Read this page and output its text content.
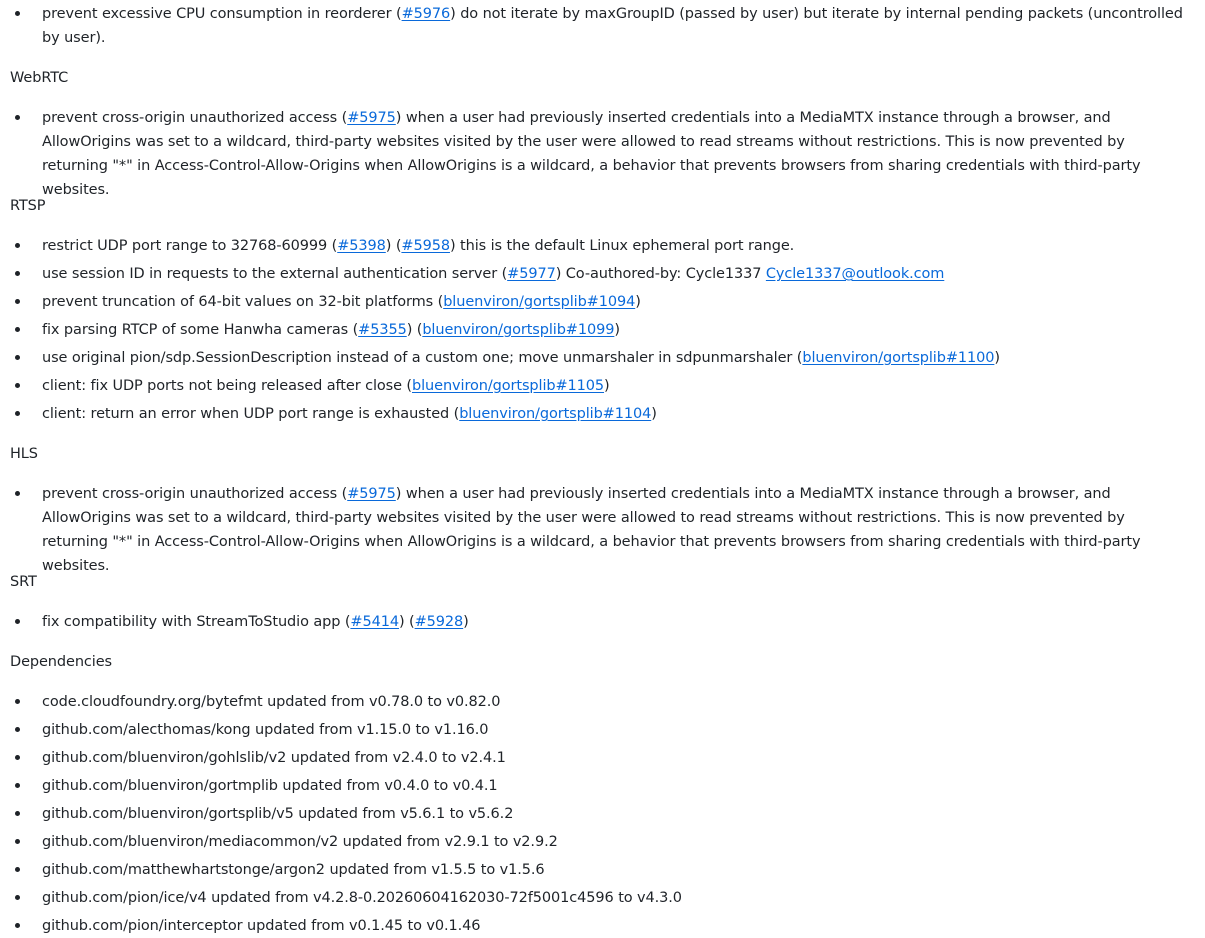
prevent excessive CPU consumption in reorderer (#5976) do not iterate by maxGroupID (passed by user) but iterate by internal pending packets (uncontrolled by user).
WebRTC
prevent cross-origin unauthorized access (#5975) when a user had previously inserted credentials into a MediaMTX instance through a browser, and AllowOrigins was set to a wildcard, third-party websites visited by the user were allowed to read streams without restrictions. This is now prevented by returning "*" in Access-Control-Allow-Origins when AllowOrigins is a wildcard, a behavior that prevents browsers from sharing credentials with third-party websites.
RTSP
restrict UDP port range to 32768-60999 (#5398) (#5958) this is the default Linux ephemeral port range.
use session ID in requests to the external authentication server (#5977) Co-authored-by: Cycle1337 Cycle1337@outlook.com
prevent truncation of 64-bit values on 32-bit platforms (bluenviron/gortsplib#1094)
fix parsing RTCP of some Hanwha cameras (#5355) (bluenviron/gortsplib#1099)
use original pion/sdp.SessionDescription instead of a custom one; move unmarshaler in sdpunmarshaler (bluenviron/gortsplib#1100)
client: fix UDP ports not being released after close (bluenviron/gortsplib#1105)
client: return an error when UDP port range is exhausted (bluenviron/gortsplib#1104)
HLS
prevent cross-origin unauthorized access (#5975) when a user had previously inserted credentials into a MediaMTX instance through a browser, and AllowOrigins was set to a wildcard, third-party websites visited by the user were allowed to read streams without restrictions. This is now prevented by returning "*" in Access-Control-Allow-Origins when AllowOrigins is a wildcard, a behavior that prevents browsers from sharing credentials with third-party websites.
SRT
fix compatibility with StreamToStudio app (#5414) (#5928)
Dependencies
code.cloudfoundry.org/bytefmt updated from v0.78.0 to v0.82.0
github.com/alecthomas/kong updated from v1.15.0 to v1.16.0
github.com/bluenviron/gohlslib/v2 updated from v2.4.0 to v2.4.1
github.com/bluenviron/gortmplib updated from v0.4.0 to v0.4.1
github.com/bluenviron/gortsplib/v5 updated from v5.6.1 to v5.6.2
github.com/bluenviron/mediacommon/v2 updated from v2.9.1 to v2.9.2
github.com/matthewhartstonge/argon2 updated from v1.5.5 to v1.5.6
github.com/pion/ice/v4 updated from v4.2.8-0.20260604162030-72f5001c4596 to v4.3.0
github.com/pion/interceptor updated from v0.1.45 to v0.1.46
